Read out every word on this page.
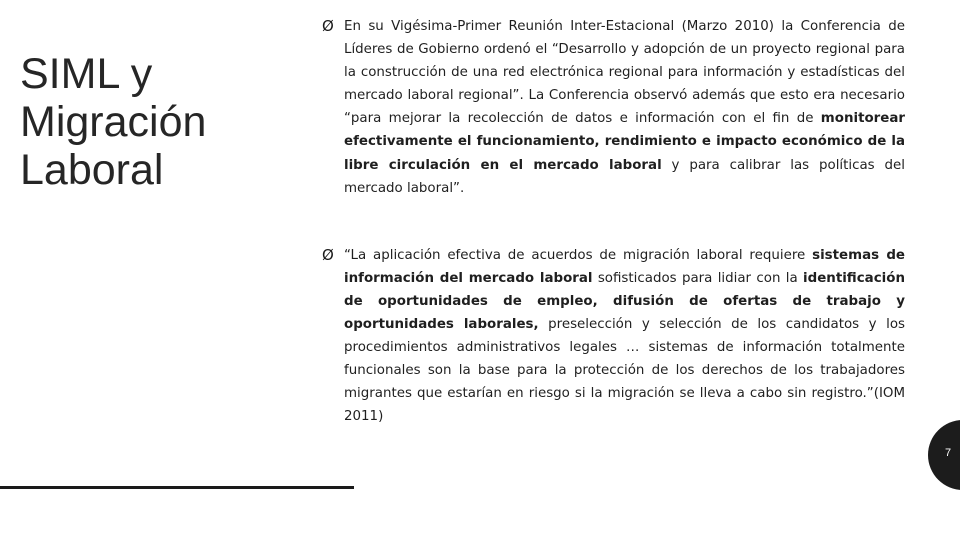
SIML y
Migración
Laboral
Ø En su Vigésima-Primer Reunión Inter-Estacional (Marzo 2010) la Conferencia de Líderes de Gobierno ordenó el “Desarrollo y adopción de un proyecto regional para la construcción de una red electrónica regional para información y estadísticas del mercado laboral regional”. La Conferencia observó además que esto era necesario “para mejorar la recolección de datos e información con el fin de monitorear efectivamente el funcionamiento, rendimiento e impacto económico de la libre circulación en el mercado laboral y para calibrar las políticas del mercado laboral”.
Ø “La aplicación efectiva de acuerdos de migración laboral requiere sistemas de información del mercado laboral sofisticados para lidiar con la identificación de oportunidades de empleo, difusión de ofertas de trabajo y oportunidades laborales, preselección y selección de los candidatos y los procedimientos administrativos legales … sistemas de información totalmente funcionales son la base para la protección de los derechos de los trabajadores migrantes que estarían en riesgo si la migración se lleva a cabo sin registro.”(IOM 2011)
7
